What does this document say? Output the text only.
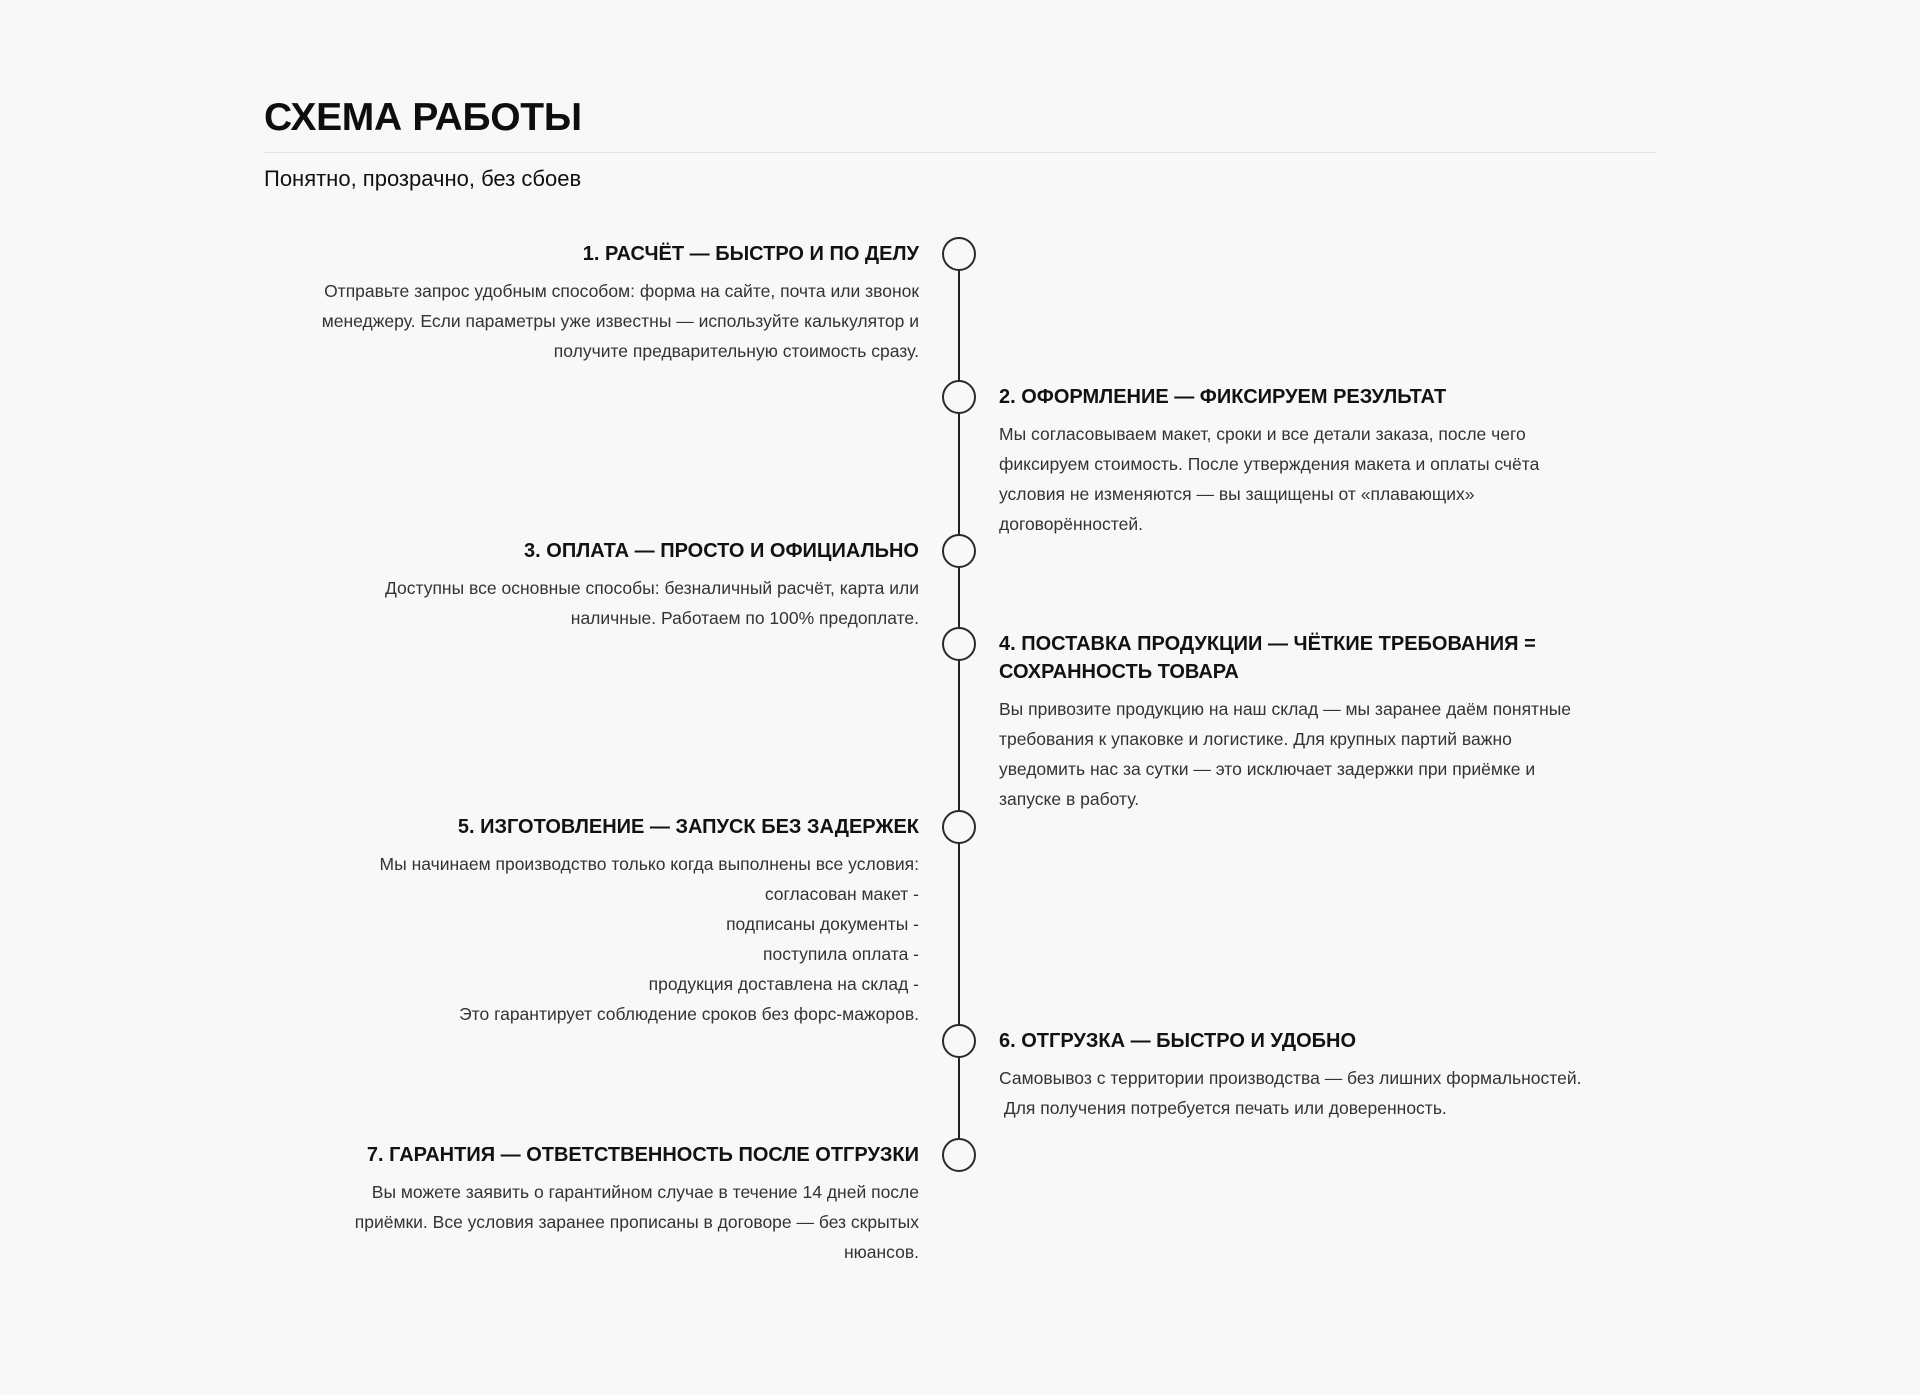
СХЕМА РАБОТЫ

Понятно, прозрачно, без сбоев

1. РАСЧЁТ — БЫСТРО И ПО ДЕЛУ

Отправьте запрос удобным способом: форма на сайте, почта или звонок
менеджеру. Если параметры уже известны — используйте калькулятор и
получите предварительную стоимость сразу.

2. ОФОРМЛЕНИЕ — ФИКСИРУЕМ РЕЗУЛЬТАТ

Мы согласовываем макет, сроки и все детали заказа, после чего
фиксируем стоимость. После утверждения макета и оплаты счёта
условия не изменяются — вы защищены от «плавающих»
договорённостей.

3. ОПЛАТА — ПРОСТО И ОФИЦИАЛЬНО

Доступны все основные способы: безналичный расчёт, карта или
наличные. Работаем по 100% предоплате.

4. ПОСТАВКА ПРОДУКЦИИ — ЧЁТКИЕ ТРЕБОВАНИЯ = СОХРАННОСТЬ ТОВАРА

Вы привозите продукцию на наш склад — мы заранее даём понятные
требования к упаковке и логистике. Для крупных партий важно
уведомить нас за сутки — это исключает задержки при приёмке и
запуске в работу.

5. ИЗГОТОВЛЕНИЕ — ЗАПУСК БЕЗ ЗАДЕРЖЕК

Мы начинаем производство только когда выполнены все условия:
согласован макет -
подписаны документы -
поступила оплата -
продукция доставлена на склад -
Это гарантирует соблюдение сроков без форс-мажоров.

6. ОТГРУЗКА — БЫСТРО И УДОБНО

Самовывоз с территории производства — без лишних формальностей.
Для получения потребуется печать или доверенность.

7. ГАРАНТИЯ — ОТВЕТСТВЕННОСТЬ ПОСЛЕ ОТГРУЗКИ

Вы можете заявить о гарантийном случае в течение 14 дней после
приёмки. Все условия заранее прописаны в договоре — без скрытых
нюансов.
